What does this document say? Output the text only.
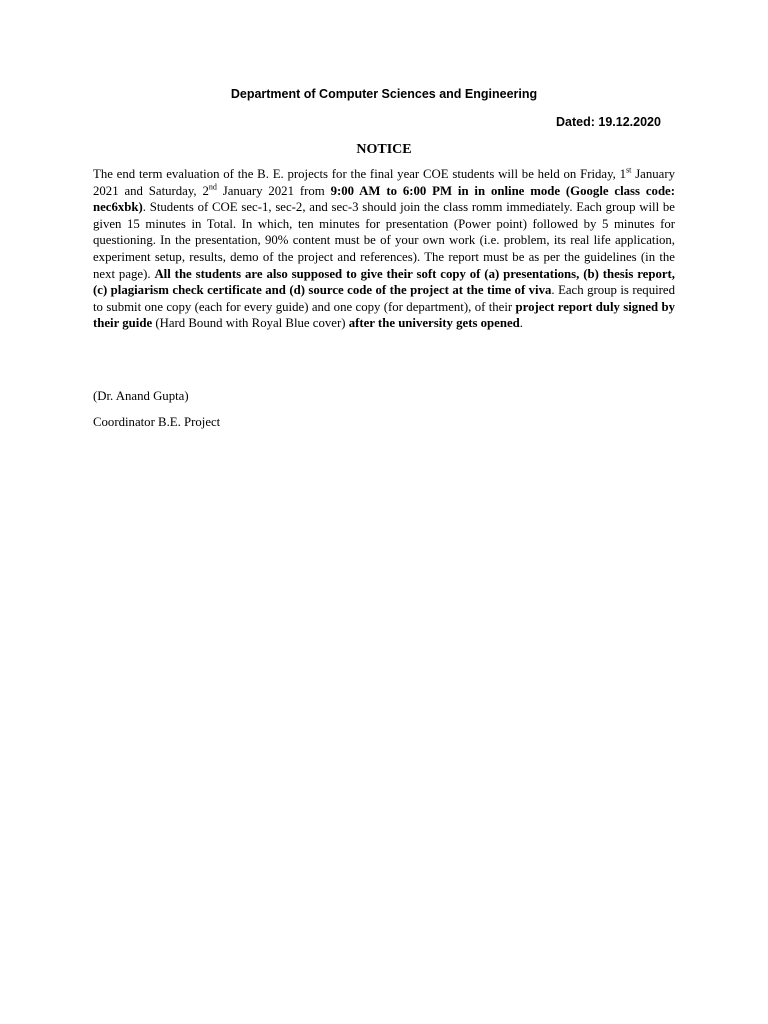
Department of Computer Sciences and Engineering

Dated: 19.12.2020

NOTICE

The end term evaluation of the B. E. projects for the final year COE students will be held on Friday, 1st January 2021 and Saturday, 2nd January 2021 from 9:00 AM to 6:00 PM in in online mode (Google class code: nec6xbk). Students of COE sec-1, sec-2, and sec-3 should join the class romm immediately. Each group will be given 15 minutes in Total. In which, ten minutes for presentation (Power point) followed by 5 minutes for questioning. In the presentation, 90% content must be of your own work (i.e. problem, its real life application, experiment setup, results, demo of the project and references). The report must be as per the guidelines (in the next page). All the students are also supposed to give their soft copy of (a) presentations, (b) thesis report, (c) plagiarism check certificate and (d) source code of the project at the time of viva. Each group is required to submit one copy (each for every guide) and one copy (for department), of their project report duly signed by their guide (Hard Bound with Royal Blue cover) after the university gets opened.

(Dr. Anand Gupta)

Coordinator B.E. Project
